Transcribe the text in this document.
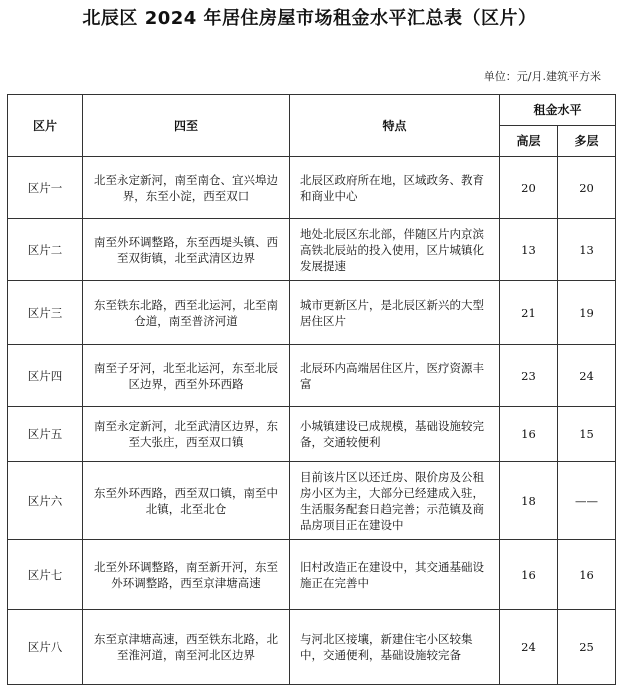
北辰区 2024 年居住房屋市场租金水平汇总表（区片）
单位：元/月.建筑平方米
区片	四至	特点	租金水平	
			高层	多层
区片一	北至永定新河，南至南仓、宜兴埠边界，东至小淀，西至双口	北辰区政府所在地，区域政务、教育和商业中心	20	20
区片二	南至外环调整路，东至西堤头镇、西至双街镇，北至武清区边界	地处北辰区东北部，伴随区片内京滨高铁北辰站的投入使用，区片城镇化发展提速	13	13
区片三	东至铁东北路，西至北运河，北至南仓道，南至普济河道	城市更新区片，是北辰区新兴的大型居住区片	21	19
区片四	南至子牙河，北至北运河，东至北辰区边界，西至外环西路	北辰环内高端居住区片，医疗资源丰富	23	24
区片五	南至永定新河，北至武清区边界，东至大张庄，西至双口镇	小城镇建设已成规模，基础设施较完备，交通较便利	16	15
区片六	东至外环西路，西至双口镇，南至中北镇，北至北仓	目前该片区以还迁房、限价房及公租房小区为主，大部分已经建成入驻，生活服务配套日趋完善；示范镇及商品房项目正在建设中	18	——
区片七	北至外环调整路，南至新开河，东至外环调整路，西至京津塘高速	旧村改造正在建设中，其交通基础设施正在完善中	16	16
区片八	东至京津塘高速，西至铁东北路，北至淮河道，南至河北区边界	与河北区接壤，新建住宅小区较集中，交通便利，基础设施较完备	24	25
